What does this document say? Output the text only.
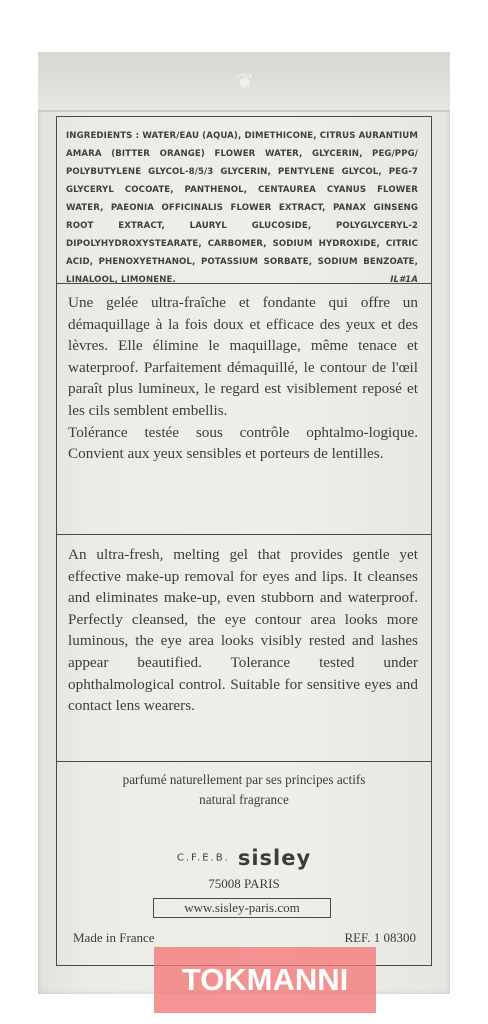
❦
INGREDIENTS : WATER/EAU (AQUA), DIMETHICONE, CITRUS AURANTIUM AMARA (BITTER ORANGE) FLOWER WATER, GLYCERIN, PEG/PPG/ POLYBUTYLENE GLYCOL-8/5/3 GLYCERIN, PENTYLENE GLYCOL, PEG-7 GLYCERYL COCOATE, PANTHENOL, CENTAUREA CYANUS FLOWER WATER, PAEONIA OFFICINALIS FLOWER EXTRACT, PANAX GINSENG ROOT EXTRACT, LAURYL GLUCOSIDE, POLYGLYCERYL-2 DIPOLYHYDROXYSTEARATE, CARBOMER, SODIUM HYDROXIDE, CITRIC ACID, PHENOXYETHANOL, POTASSIUM SORBATE, SODIUM BENZOATE, LINALOOL, LIMONENE.	IL#1A
Une gelée ultra-fraîche et fondante qui offre un démaquillage à la fois doux et efficace des yeux et des lèvres. Elle élimine le maquillage, même tenace et waterproof. Parfaitement démaquillé, le contour de l'œil paraît plus lumineux, le regard est visiblement reposé et les cils semblent embellis.
Tolérance testée sous contrôle ophtalmo-logique. Convient aux yeux sensibles et porteurs de lentilles.
An ultra-fresh, melting gel that provides gentle yet effective make-up removal for eyes and lips. It cleanses and eliminates make-up, even stubborn and waterproof. Perfectly cleansed, the eye contour area looks more luminous, the eye area looks visibly rested and lashes appear beautified. Tolerance tested under ophthalmological control. Suitable for sensitive eyes and contact lens wearers.
parfumé naturellement par ses principes actifs
natural fragrance
C.F.E.B. sisley
75008 PARIS
www.sisley-paris.com
Made in France	REF. 1 08300
TOKMANNI
